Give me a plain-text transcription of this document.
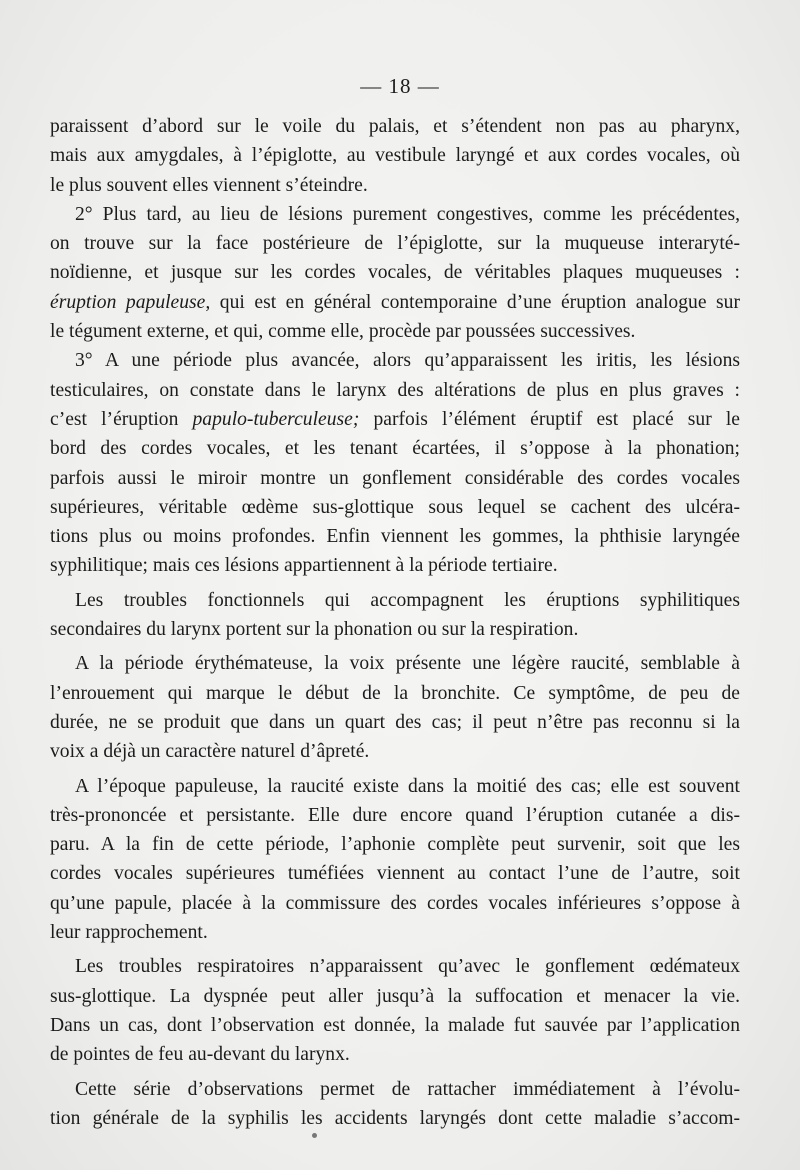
— 18 —

paraissent d’abord sur le voile du palais, et s’étendent non pas au pharynx,

mais aux amygdales, à l’épiglotte, au vestibule laryngé et aux cordes vocales, où

le plus souvent elles viennent s’éteindre.

2° Plus tard, au lieu de lésions purement congestives, comme les précédentes,

on trouve sur la face postérieure de l’épiglotte, sur la muqueuse interaryté-

noïdienne, et jusque sur les cordes vocales, de véritables plaques muqueuses :

éruption papuleuse, qui est en général contemporaine d’une éruption analogue sur

le tégument externe, et qui, comme elle, procède par poussées successives.

3° A une période plus avancée, alors qu’apparaissent les iritis, les lésions

testiculaires, on constate dans le larynx des altérations de plus en plus graves :

c’est l’éruption papulo-tuberculeuse; parfois l’élément éruptif est placé sur le

bord des cordes vocales, et les tenant écartées, il s’oppose à la phonation;

parfois aussi le miroir montre un gonflement considérable des cordes vocales

supérieures, véritable œdème sus-glottique sous lequel se cachent des ulcéra-

tions plus ou moins profondes. Enfin viennent les gommes, la phthisie laryngée

syphilitique; mais ces lésions appartiennent à la période tertiaire.

Les troubles fonctionnels qui accompagnent les éruptions syphilitiques

secondaires du larynx portent sur la phonation ou sur la respiration.

A la période érythémateuse, la voix présente une légère raucité, semblable à

l’enrouement qui marque le début de la bronchite. Ce symptôme, de peu de

durée, ne se produit que dans un quart des cas; il peut n’être pas reconnu si la

voix a déjà un caractère naturel d’âpreté.

A l’époque papuleuse, la raucité existe dans la moitié des cas; elle est souvent

très-prononcée et persistante. Elle dure encore quand l’éruption cutanée a dis-

paru. A la fin de cette période, l’aphonie complète peut survenir, soit que les

cordes vocales supérieures tuméfiées viennent au contact l’une de l’autre, soit

qu’une papule, placée à la commissure des cordes vocales inférieures s’oppose à

leur rapprochement.

Les troubles respiratoires n’apparaissent qu’avec le gonflement œdémateux

sus-glottique. La dyspnée peut aller jusqu’à la suffocation et menacer la vie.

Dans un cas, dont l’observation est donnée, la malade fut sauvée par l’application

de pointes de feu au-devant du larynx.

Cette série d’observations permet de rattacher immédiatement à l’évolu-

tion générale de la syphilis les accidents laryngés dont cette maladie s’accom-
